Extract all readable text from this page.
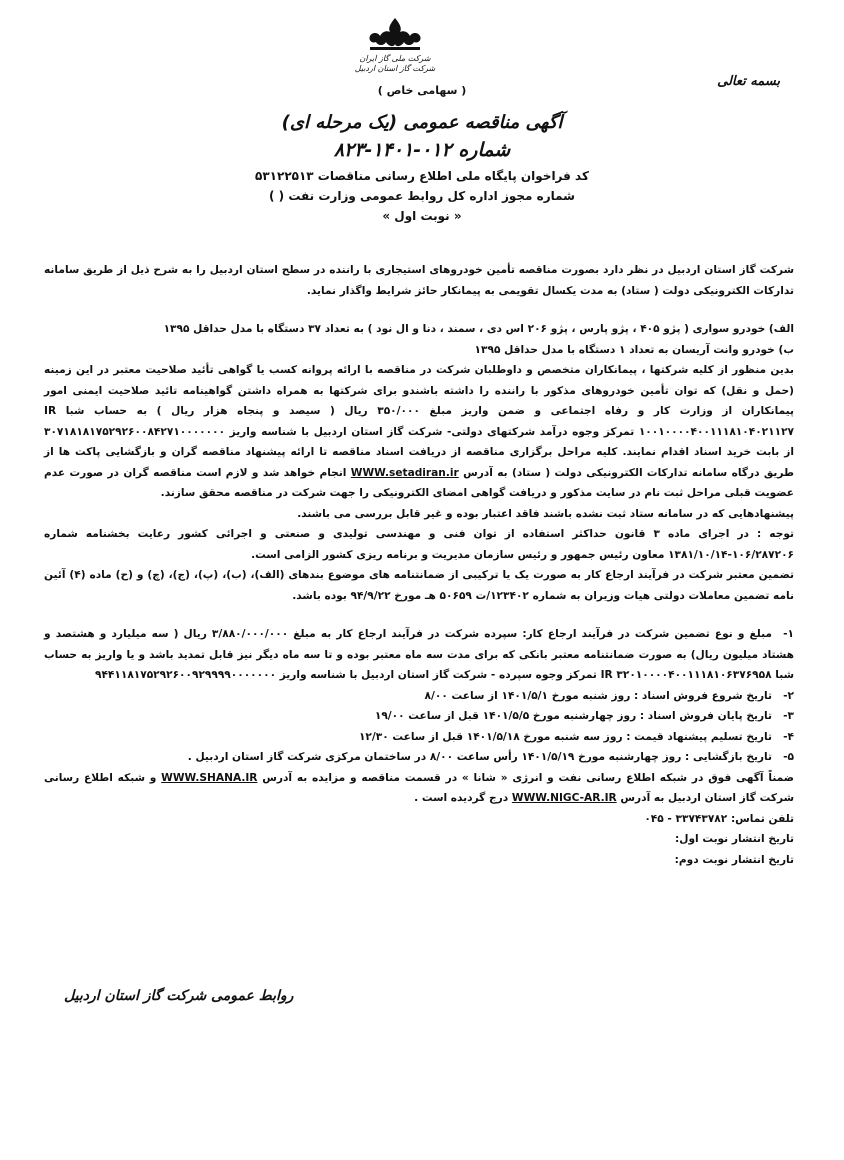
شرکت ملی گاز ایران
شرکت گاز استان اردبیل
( سهامی خاص )
بسمه تعالی
آگهی مناقصه عمومی (یک مرحله ای)
شماره ۰۱۲-۱۴۰۱-۸۲۳
کد فراخوان پایگاه ملی اطلاع رسانی مناقصات ۵۳۱۲۲۵۱۳
شماره مجوز اداره کل روابط عمومی وزارت نفت ( )
« نوبت اول »

شرکت گاز استان اردبیل در نظر دارد بصورت مناقصه تأمین خودروهای استیجاری با راننده در سطح استان اردبیل را به شرح ذیل از طریق سامانه تدارکات الکترونیکی دولت ( ستاد) به مدت یکسال تقویمی به پیمانکار حائز شرایط واگذار نماید.

الف) خودرو سواری ( پژو ۴۰۵ ، پژو پارس ، پژو ۲۰۶ اس دی ، سمند ، دنا و ال نود ) به تعداد ۳۷ دستگاه با مدل حداقل ۱۳۹۵

ب) خودرو وانت آریسان به تعداد ۱ دستگاه با مدل حداقل ۱۳۹۵

بدین منظور از کلیه شرکتها ، پیمانکاران متخصص و داوطلبان شرکت در مناقصه با ارائه پروانه کسب یا گواهی تأئید صلاحیت معتبر در این زمینه (حمل و نقل) که توان تأمین خودروهای مذکور با راننده را داشته باشندو برای شرکتها به همراه داشتن گواهینامه تائید صلاحیت ایمنی امور پیمانکاران از وزارت کار و رفاه اجتماعی و ضمن واریز مبلغ ۳۵۰/۰۰۰ ریال ( سیصد و پنجاه هزار ریال ) به حساب شبا IR ۱۰۰۱۰۰۰۰۴۰۰۱۱۱۸۱۰۴۰۲۱۱۲۷ تمرکز وجوه درآمد شرکتهای دولتی- شرکت گاز استان اردبیل با شناسه واریز ۳۰۷۱۸۱۸۱۷۵۲۹۲۶۰۰۸۴۲۷۱۰۰۰۰۰۰۰ از بابت خرید اسناد اقدام نمایند. کلیه مراحل برگزاری مناقصه از دریافت اسناد مناقصه تا ارائه پیشنهاد مناقصه گران و بازگشایی پاکت ها از طریق درگاه سامانه تدارکات الکترونیکی دولت ( ستاد) به آدرس WWW.setadiran.ir انجام خواهد شد و لازم است مناقصه گران در صورت عدم عضویت قبلی مراحل ثبت نام در سایت مذکور و دریافت گواهی امضای الکترونیکی را جهت شرکت در مناقصه محقق سازند.

پیشنهادهایی که در سامانه ستاد ثبت نشده باشند فاقد اعتبار بوده و غیر قابل بررسی می باشند.

توجه : در اجرای ماده ۳ قانون حداکثر استفاده از توان فنی و مهندسی تولیدی و صنعتی و اجرائی کشور رعایت بخشنامه شماره ۱۰۶/۲۸۷۲۰۶-۱۳۸۱/۱۰/۱۴ معاون رئیس جمهور و رئیس سازمان مدیریت و برنامه ریزی کشور الزامی است.

تضمین معتبر شرکت در فرآیند ارجاع کار به صورت یک یا ترکیبی از ضمانتنامه های موضوع بندهای (الف)، (ب)، (پ)، (ج)، (چ) و (ح) ماده (۴) آئین نامه تضمین معاملات دولتی هیات وزیران به شماره ۱۲۳۴۰۲/ت ۵۰۶۵۹ هـ مورخ ۹۴/۹/۲۲ بوده باشد.

۱-مبلغ و نوع تضمین شرکت در فرآیند ارجاع کار: سپرده شرکت در فرآیند ارجاع کار به مبلغ ۳/۸۸۰/۰۰۰/۰۰۰ ریال ( سه میلیارد و هشتصد و هشتاد میلیون ریال) به صورت ضمانتنامه معتبر بانکی که برای مدت سه ماه معتبر بوده و تا سه ماه دیگر نیز قابل تمدید باشد و یا واریز به حساب شبا IR ۳۲۰۱۰۰۰۰۴۰۰۱۱۱۸۱۰۶۳۷۶۹۵۸ تمرکز وجوه سپرده - شرکت گاز استان اردبیل با شناسه واریز ۹۴۴۱۱۸۱۷۵۲۹۲۶۰۰۹۲۹۹۹۹۰۰۰۰۰۰۰

۲-تاریخ شروع فروش اسناد : روز شنبه مورخ ۱۴۰۱/۵/۱ از ساعت ۸/۰۰

۳-تاریخ پایان فروش اسناد : روز چهارشنبه مورخ ۱۴۰۱/۵/۵ قبل از ساعت ۱۹/۰۰

۴-تاریخ تسلیم پیشنهاد قیمت : روز سه شنبه مورخ ۱۴۰۱/۵/۱۸ قبل از ساعت ۱۲/۳۰

۵-تاریخ بازگشایی : روز چهارشنبه مورخ ۱۴۰۱/۵/۱۹ رأس ساعت ۸/۰۰ در ساختمان مرکزی شرکت گاز استان اردبیل .

ضمناً آگهی فوق در شبکه اطلاع رسانی نفت و انرژی « شانا » در قسمت مناقصه و مزایده به آدرس WWW.SHANA.IR و شبکه اطلاع رسانی شرکت گاز استان اردبیل به آدرس WWW.NIGC-AR.IR درج گردیده است .

تلفن تماس: ۳۳۷۴۳۷۸۲ - ۰۴۵

تاریخ انتشار نوبت اول:

تاریخ انتشار نوبت دوم:

روابط عمومی شرکت گاز استان اردبیل
